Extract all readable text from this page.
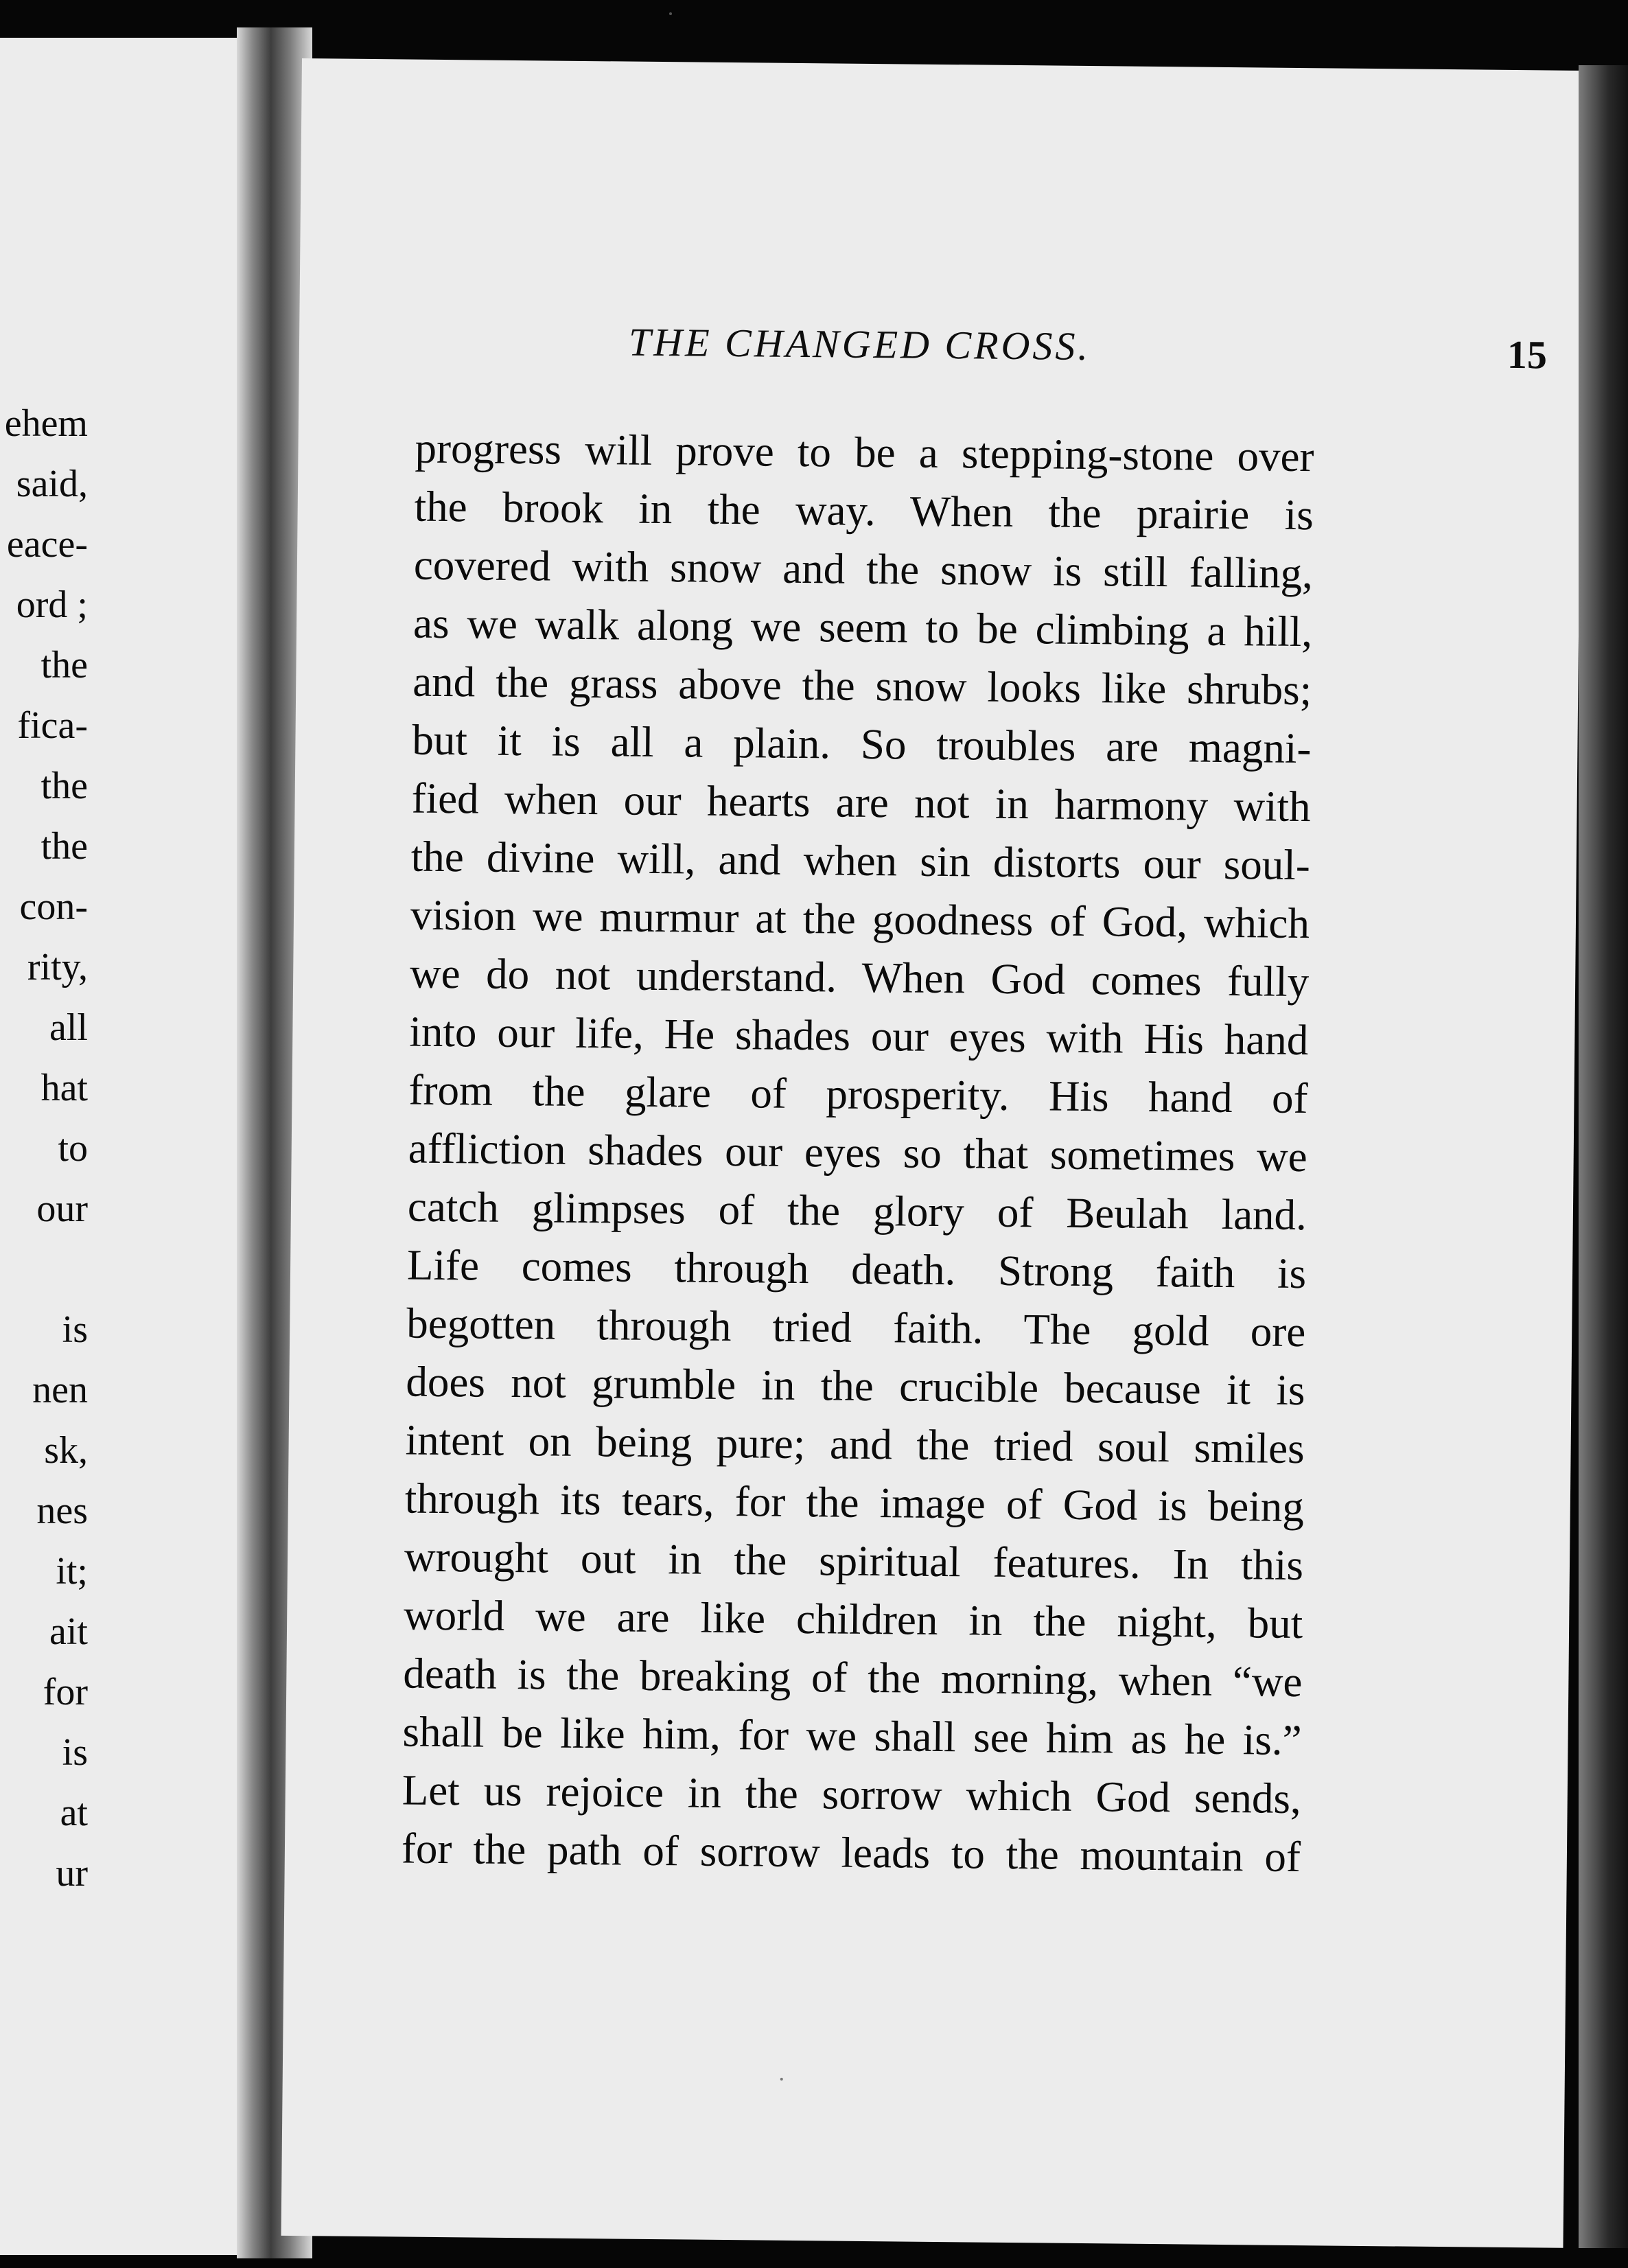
ehem
said,
eace-
ord ;
the
fica-
the
the
con-
rity,
all
hat
to
our
is
nen
sk,
nes
it;
ait
for
is
at
ur
THE CHANGED CROSS.	15
progress will prove to be a stepping-stone over
the brook in the way. When the prairie is
covered with snow and the snow is still falling,
as we walk along we seem to be climbing a hill,
and the grass above the snow looks like shrubs;
but it is all a plain. So troubles are magni-
fied when our hearts are not in harmony with
the divine will, and when sin distorts our soul-
vision we murmur at the goodness of God, which
we do not understand. When God comes fully
into our life, He shades our eyes with His hand
from the glare of prosperity. His hand of
affliction shades our eyes so that sometimes we
catch glimpses of the glory of Beulah land.
Life comes through death. Strong faith is
begotten through tried faith. The gold ore
does not grumble in the crucible because it is
intent on being pure; and the tried soul smiles
through its tears, for the image of God is being
wrought out in the spiritual features. In this
world we are like children in the night, but
death is the breaking of the morning, when “we
shall be like him, for we shall see him as he is.”
Let us rejoice in the sorrow which God sends,
for the path of sorrow leads to the mountain of
